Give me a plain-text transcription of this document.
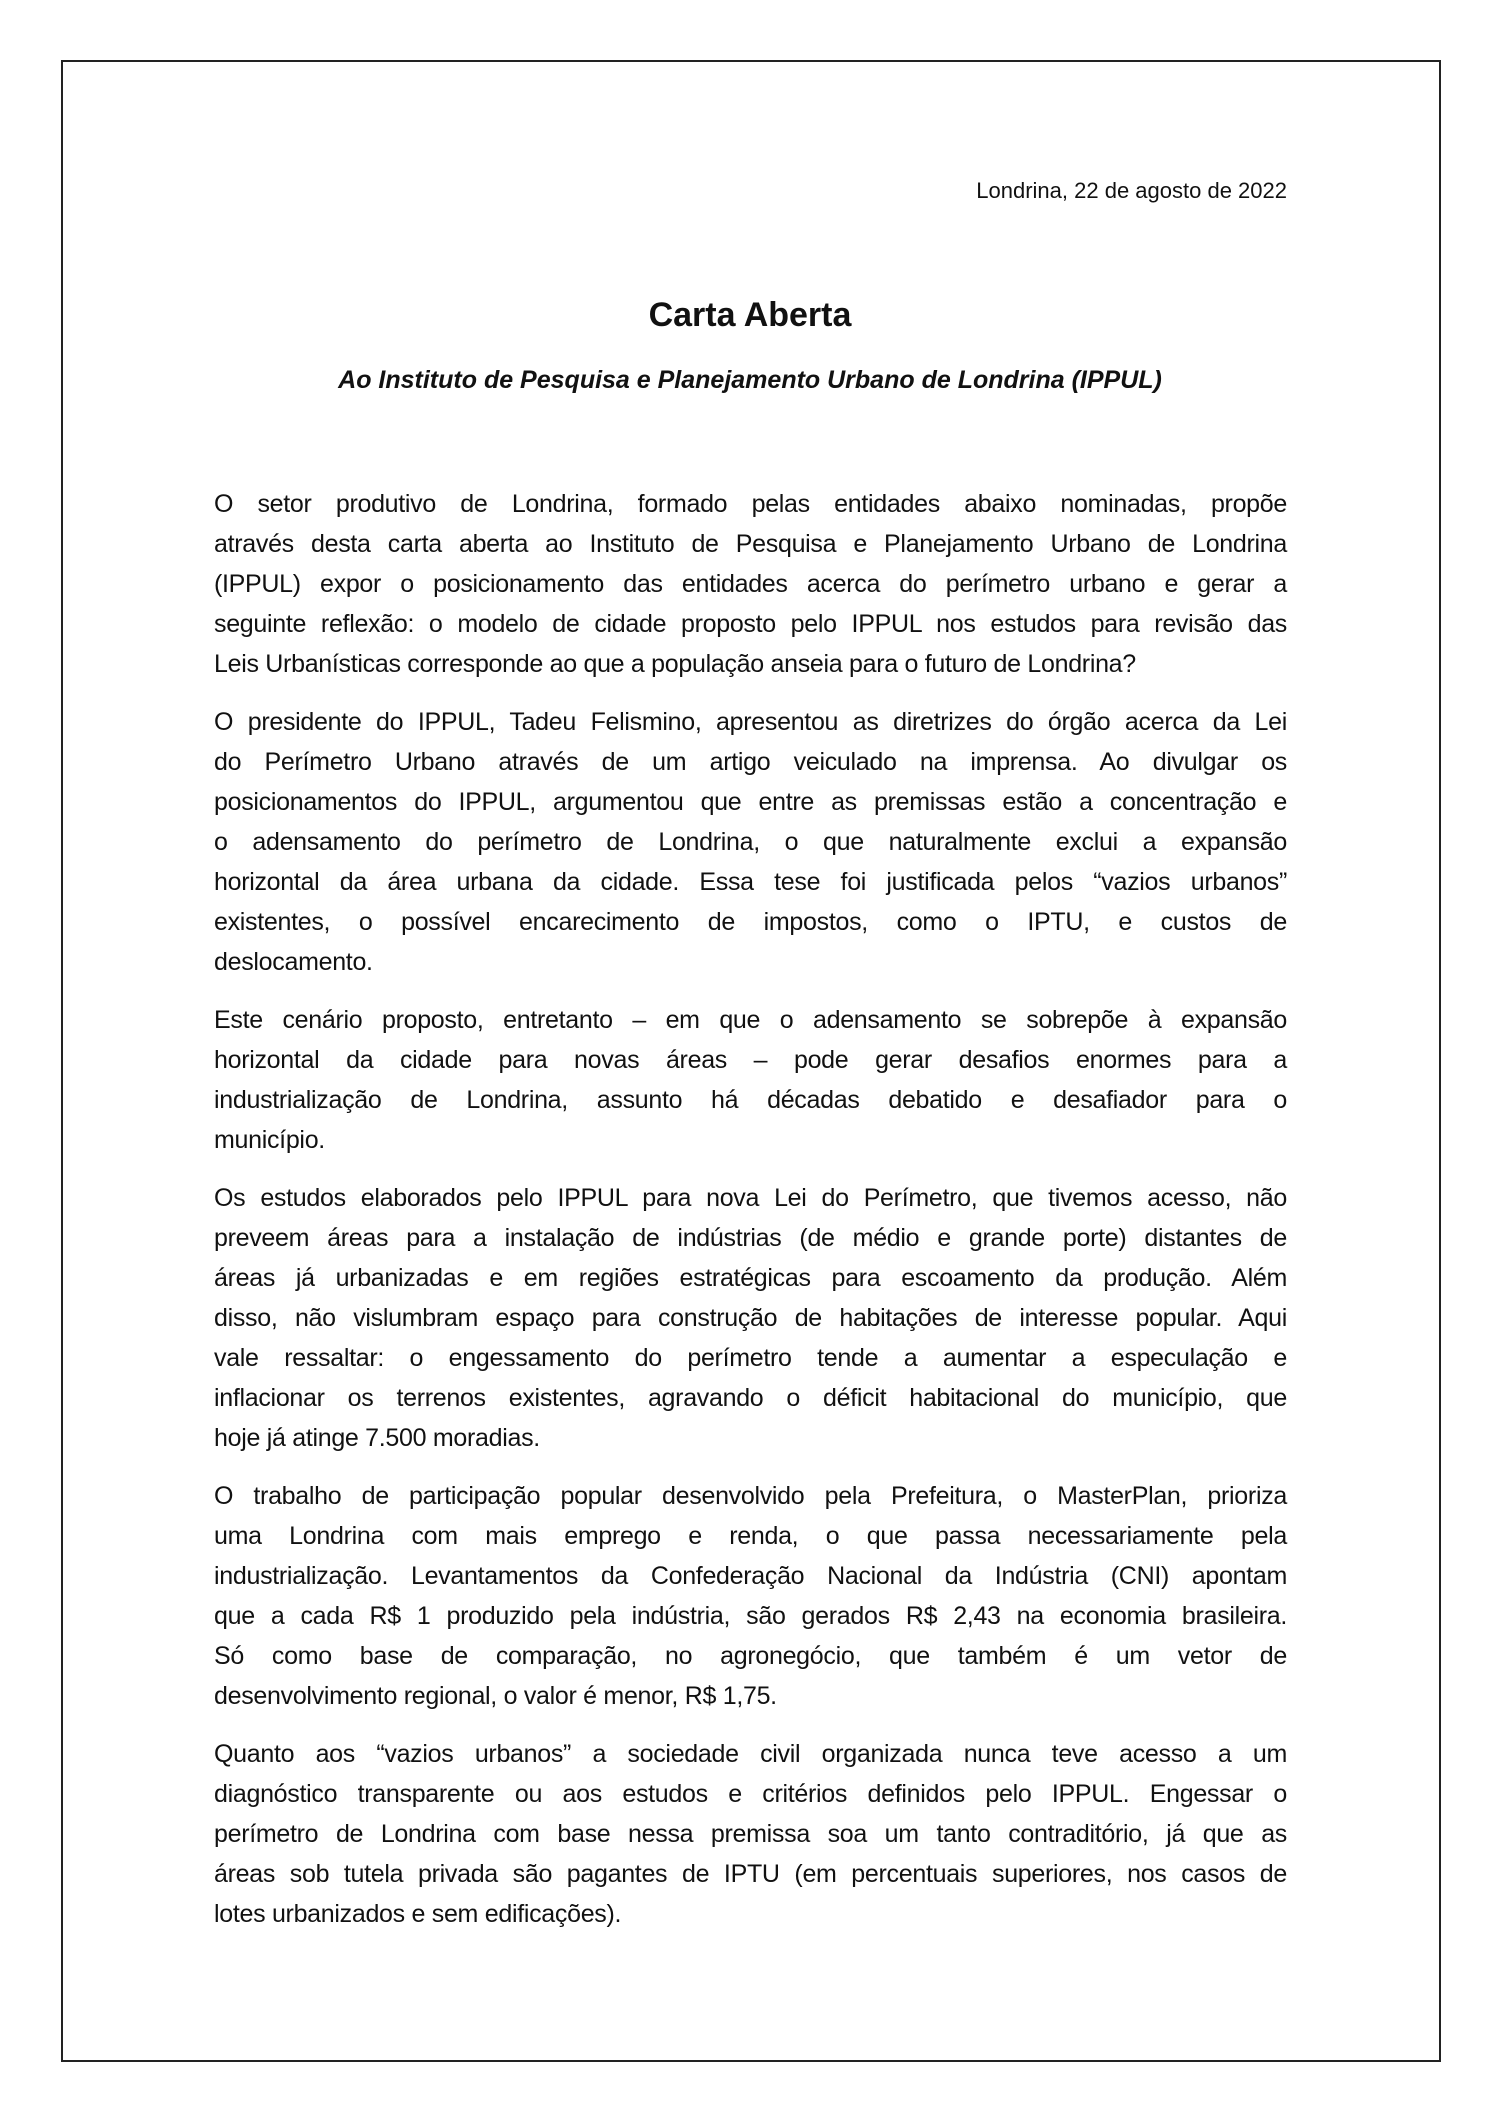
Londrina, 22 de agosto de 2022
Carta Aberta
Ao Instituto de Pesquisa e Planejamento Urbano de Londrina (IPPUL)
O setor produtivo de Londrina, formado pelas entidades abaixo nominadas, propõe
através desta carta aberta ao Instituto de Pesquisa e Planejamento Urbano de Londrina
(IPPUL) expor o posicionamento das entidades acerca do perímetro urbano e gerar a
seguinte reflexão: o modelo de cidade proposto pelo IPPUL nos estudos para revisão das
Leis Urbanísticas corresponde ao que a população anseia para o futuro de Londrina?
O presidente do IPPUL, Tadeu Felismino, apresentou as diretrizes do órgão acerca da Lei
do Perímetro Urbano através de um artigo veiculado na imprensa. Ao divulgar os
posicionamentos do IPPUL, argumentou que entre as premissas estão a concentração e
o adensamento do perímetro de Londrina, o que naturalmente exclui a expansão
horizontal da área urbana da cidade. Essa tese foi justificada pelos “vazios urbanos”
existentes, o possível encarecimento de impostos, como o IPTU, e custos de
deslocamento.
Este cenário proposto, entretanto – em que o adensamento se sobrepõe à expansão
horizontal da cidade para novas áreas – pode gerar desafios enormes para a
industrialização de Londrina, assunto há décadas debatido e desafiador para o
município.
Os estudos elaborados pelo IPPUL para nova Lei do Perímetro, que tivemos acesso, não
preveem áreas para a instalação de indústrias (de médio e grande porte) distantes de
áreas já urbanizadas e em regiões estratégicas para escoamento da produção. Além
disso, não vislumbram espaço para construção de habitações de interesse popular. Aqui
vale ressaltar: o engessamento do perímetro tende a aumentar a especulação e
inflacionar os terrenos existentes, agravando o déficit habitacional do município, que
hoje já atinge 7.500 moradias.
O trabalho de participação popular desenvolvido pela Prefeitura, o MasterPlan, prioriza
uma Londrina com mais emprego e renda, o que passa necessariamente pela
industrialização. Levantamentos da Confederação Nacional da Indústria (CNI) apontam
que a cada R$ 1 produzido pela indústria, são gerados R$ 2,43 na economia brasileira.
Só como base de comparação, no agronegócio, que também é um vetor de
desenvolvimento regional, o valor é menor, R$ 1,75.
Quanto aos “vazios urbanos” a sociedade civil organizada nunca teve acesso a um
diagnóstico transparente ou aos estudos e critérios definidos pelo IPPUL. Engessar o
perímetro de Londrina com base nessa premissa soa um tanto contraditório, já que as
áreas sob tutela privada são pagantes de IPTU (em percentuais superiores, nos casos de
lotes urbanizados e sem edificações).
